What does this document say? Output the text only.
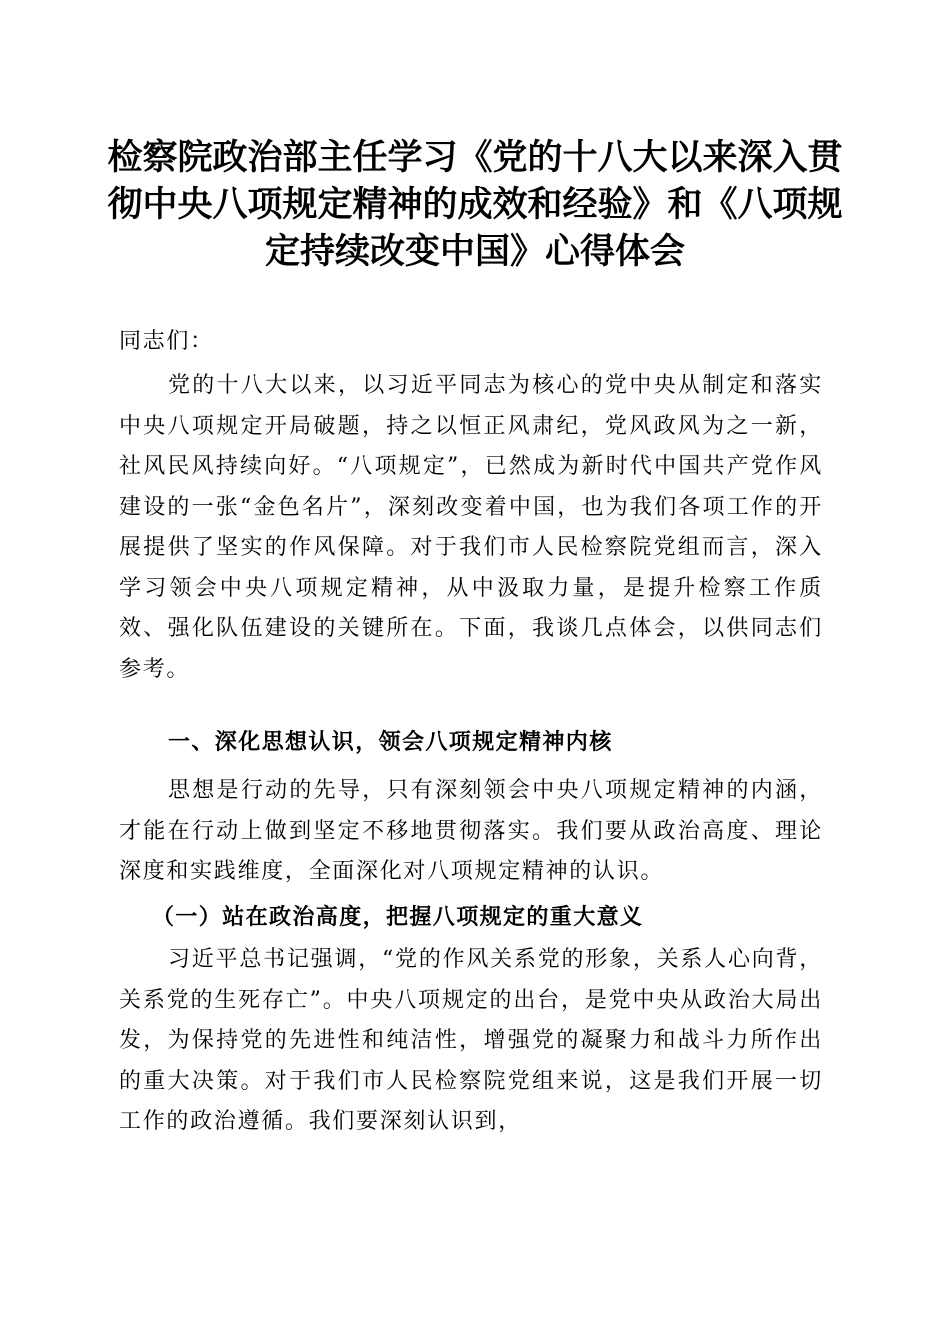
检察院政治部主任学习《党的十八大以来深入贯彻中央八项规定精神的成效和经验》和《八项规定持续改变中国》心得体会

同志们：

党的十八大以来，以习近平同志为核心的党中央从制定和落实中央八项规定开局破题，持之以恒正风肃纪，党风政风为之一新，社风民风持续向好。“八项规定”，已然成为新时代中国共产党作风建设的一张“金色名片”，深刻改变着中国，也为我们各项工作的开展提供了坚实的作风保障。对于我们市人民检察院党组而言，深入学习领会中央八项规定精神，从中汲取力量，是提升检察工作质效、强化队伍建设的关键所在。下面，我谈几点体会，以供同志们参考。

一、深化思想认识，领会八项规定精神内核

思想是行动的先导，只有深刻领会中央八项规定精神的内涵，才能在行动上做到坚定不移地贯彻落实。我们要从政治高度、理论深度和实践维度，全面深化对八项规定精神的认识。

（一）站在政治高度，把握八项规定的重大意义

习近平总书记强调，“党的作风关系党的形象，关系人心向背，关系党的生死存亡”。中央八项规定的出台，是党中央从政治大局出发，为保持党的先进性和纯洁性，增强党的凝聚力和战斗力所作出的重大决策。对于我们市人民检察院党组来说，这是我们开展一切工作的政治遵循。我们要深刻认识到，
